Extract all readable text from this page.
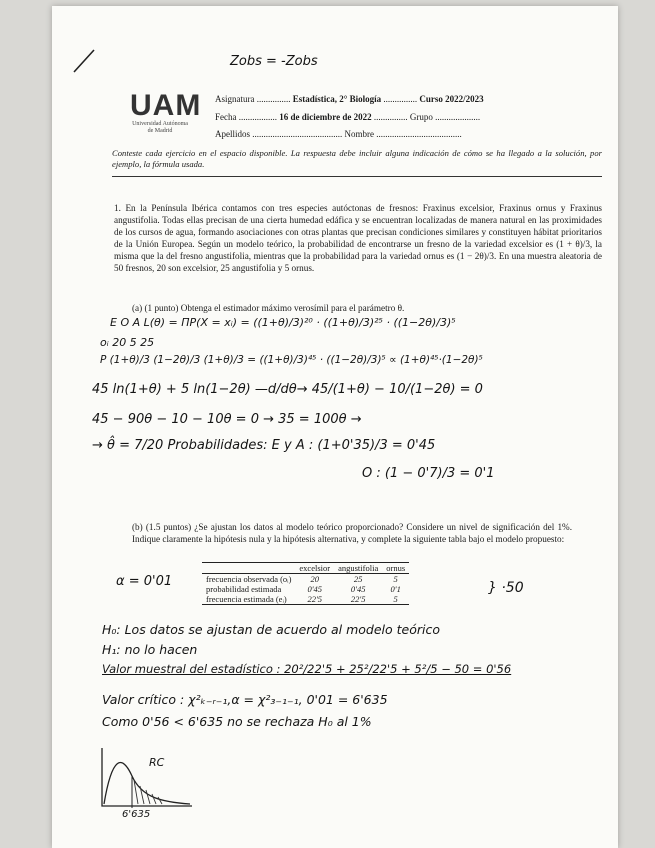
Zobs = -Zobs
UAM
Universidad Autónoma de Madrid
Asignatura ............... Estadística, 2° Biología ............... Curso 2022/2023
Fecha ................. 16 de diciembre de 2022 ............... Grupo ....................
Apellidos ........................................ Nombre ......................................
Conteste cada ejercicio en el espacio disponible. La respuesta debe incluir alguna indicación de cómo se ha llegado a la solución, por ejemplo, la fórmula usada.
1. En la Península Ibérica contamos con tres especies autóctonas de fresnos: Fraxinus excelsior, Fraxinus ornus y Fraxinus angustifolia. Todas ellas precisan de una cierta humedad edáfica y se encuentran localizadas de manera natural en las proximidades de los cursos de agua, formando asociaciones con otras plantas que precisan condiciones similares y constituyen hábitat prioritarios de la Unión Europea. Según un modelo teórico, la probabilidad de encontrarse un fresno de la variedad excelsior es (1 + θ)/3, la misma que la del fresno angustifolia, mientras que la probabilidad para la variedad ornus es (1 − 2θ)/3. En una muestra aleatoria de 50 fresnos, 20 son excelsior, 25 angustifolia y 5 ornus.
(a) (1 punto) Obtenga el estimador máximo verosímil para el parámetro θ.
E O A L(θ) = ΠP(X = xᵢ) = ((1+θ)/3)²⁰ · ((1+θ)/3)²⁵ · ((1−2θ)/3)⁵
oᵢ 20 5 25
P (1+θ)/3 (1−2θ)/3 (1+θ)/3 = ((1+θ)/3)⁴⁵ · ((1−2θ)/3)⁵ ∝ (1+θ)⁴⁵·(1−2θ)⁵
45 ln(1+θ) + 5 ln(1−2θ) —d/dθ→ 45/(1+θ) − 10/(1−2θ) = 0
45 − 90θ − 10 − 10θ = 0 → 35 = 100θ →
→ θ̂ = 7/20 Probabilidades: E y A : (1+0'35)/3 = 0'45
O : (1 − 0'7)/3 = 0'1
(b) (1.5 puntos) ¿Se ajustan los datos al modelo teórico proporcionado? Considere un nivel de significación del 1%. Indique claramente la hipótesis nula y la hipótesis alternativa, y complete la siguiente tabla bajo el modelo propuesto:
α = 0'01
	excelsior	angustifolia	ornus
frecuencia observada (oᵢ)	20	25	5
probabilidad estimada	0'45	0'45	0'1
frecuencia estimada (eᵢ)	22'5	22'5	5
} ·50
H₀: Los datos se ajustan de acuerdo al modelo teórico
H₁: no lo hacen
Valor muestral del estadístico : 20²/22'5 + 25²/22'5 + 5²/5 − 50 = 0'56
Valor crítico : χ²ₖ₋ᵣ₋₁,α = χ²₃₋₁₋₁, 0'01 = 6'635
Como 0'56 < 6'635 no se rechaza H₀ al 1%
RC
6'635
